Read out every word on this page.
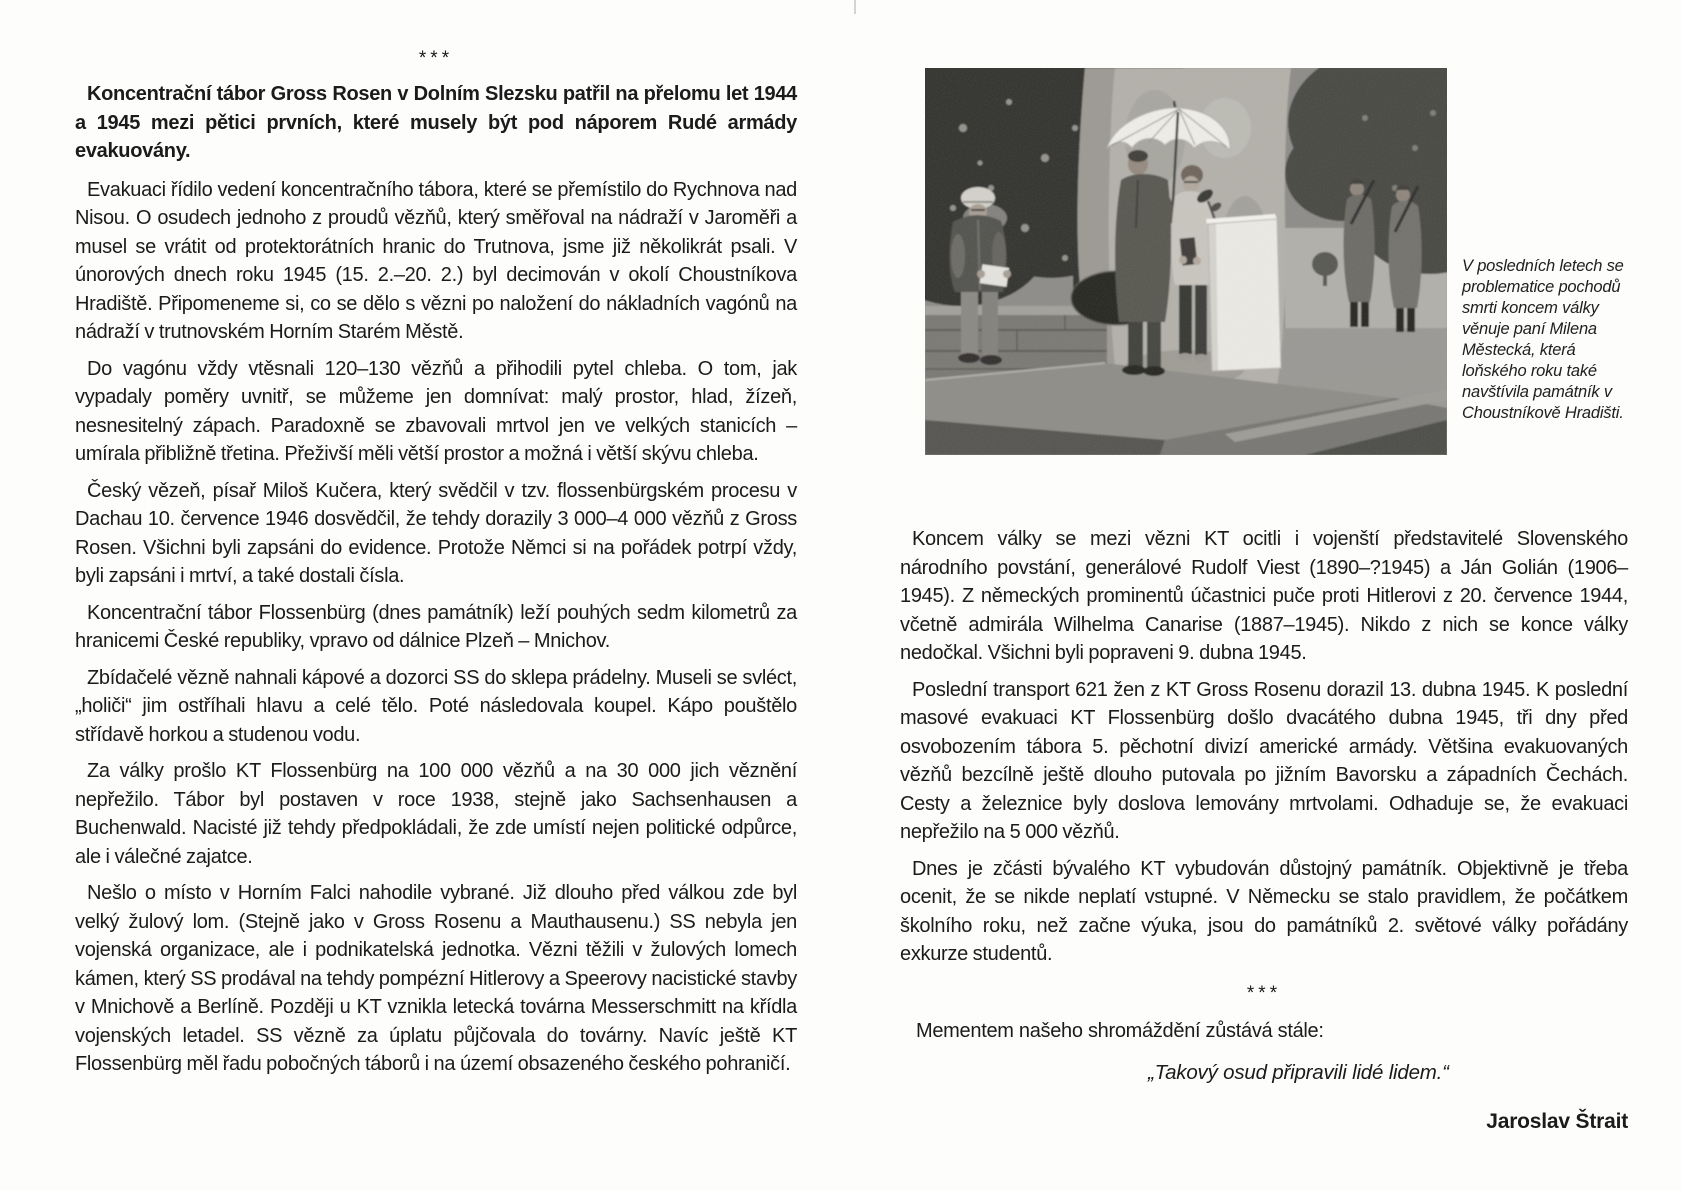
***

Koncentrační tábor Gross Rosen v Dolním Slezsku patřil na přelomu let 1944 a 1945 mezi pětici prvních, které musely být pod náporem Rudé armády evakuovány.

Evakuaci řídilo vedení koncentračního tábora, které se přemístilo do Rychnova nad Nisou. O osudech jednoho z proudů vězňů, který směřoval na nádraží v Jaroměři a musel se vrátit od protektorátních hranic do Trutnova, jsme již několikrát psali. V únorových dnech roku 1945 (15. 2.–20. 2.) byl decimován v okolí Choustníkova Hradiště. Připomeneme si, co se dělo s vězni po naložení do nákladních vagónů na nádraží v trutnovském Horním Starém Městě.

Do vagónu vždy vtěsnali 120–130 vězňů a přihodili pytel chleba. O tom, jak vypadaly poměry uvnitř, se můžeme jen domnívat: malý prostor, hlad, žízeň, nesnesitelný zápach. Paradoxně se zbavovali mrtvol jen ve velkých stanicích – umírala přibližně třetina. Přeživší měli větší prostor a možná i větší skývu chleba.

Český vězeň, písař Miloš Kučera, který svědčil v tzv. flossenbürgském procesu v Dachau 10. července 1946 dosvědčil, že tehdy dorazily 3 000–4 000 vězňů z Gross Rosen. Všichni byli zapsáni do evidence. Protože Němci si na pořádek potrpí vždy, byli zapsáni i mrtví, a také dostali čísla.

Koncentrační tábor Flossenbürg (dnes památník) leží pouhých sedm kilometrů za hranicemi České republiky, vpravo od dálnice Plzeň – Mnichov.

Zbídačelé vězně nahnali kápové a dozorci SS do sklepa prádelny. Museli se svléct, „holiči“ jim ostříhali hlavu a celé tělo. Poté následovala koupel. Kápo pouštělo střídavě horkou a studenou vodu.

Za války prošlo KT Flossenbürg na 100 000 vězňů a na 30 000 jich věznění nepřežilo. Tábor byl postaven v roce 1938, stejně jako Sachsenhausen a Buchenwald. Nacisté již tehdy předpokládali, že zde umístí nejen politické odpůrce, ale i válečné zajatce.

Nešlo o místo v Horním Falci nahodile vybrané. Již dlouho před válkou zde byl velký žulový lom. (Stejně jako v Gross Rosenu a Mauthausenu.) SS nebyla jen vojenská organizace, ale i podnikatelská jednotka. Vězni těžili v žulových lomech kámen, který SS prodával na tehdy pompézní Hitlerovy a Speerovy nacistické stavby v Mnichově a Berlíně. Později u KT vznikla letecká továrna Messerschmitt na křídla vojenských letadel. SS vězně za úplatu půjčovala do továrny. Navíc ještě KT Flossenbürg měl řadu pobočných táborů i na území obsazeného českého pohraničí.

V posledních letech se problematice pochodů smrti koncem války věnuje paní Milena Městecká, která loňského roku také navštívila památník v Choustníkově Hradišti.

Koncem války se mezi vězni KT ocitli i vojenští představitelé Slovenského národního povstání, generálové Rudolf Viest (1890–?1945) a Ján Golián (1906–1945). Z německých prominentů účastnici puče proti Hitlerovi z 20. července 1944, včetně admirála Wilhelma Canarise (1887–1945). Nikdo z nich se konce války nedočkal. Všichni byli popraveni 9. dubna 1945.

Poslední transport 621 žen z KT Gross Rosenu dorazil 13. dubna 1945. K poslední masové evakuaci KT Flossenbürg došlo dvacátého dubna 1945, tři dny před osvobozením tábora 5. pěchotní divizí americké armády. Většina evakuovaných vězňů bezcílně ještě dlouho putovala po jižním Bavorsku a západních Čechách. Cesty a železnice byly doslova lemovány mrtvolami. Odhaduje se, že evakuaci nepřežilo na 5 000 vězňů.

Dnes je zčásti bývalého KT vybudován důstojný památník. Objektivně je třeba ocenit, že se nikde neplatí vstupné. V Německu se stalo pravidlem, že počátkem školního roku, než začne výuka, jsou do památníků 2. světové války pořádány exkurze studentů.

***

Mementem našeho shromáždění zůstává stále:

„Takový osud připravili lidé lidem.“

Jaroslav Štrait
